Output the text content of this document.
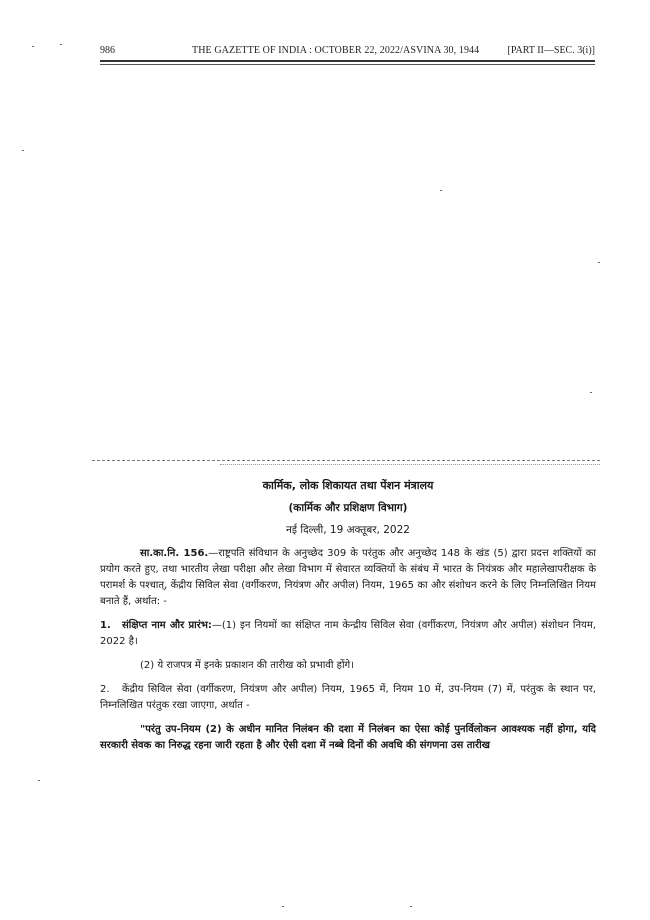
986	THE GAZETTE OF INDIA : OCTOBER 22, 2022/ASVINA 30, 1944	[PART II—SEC. 3(i)]
कार्मिक, लोक शिकायत तथा पेंशन मंत्रालय
(कार्मिक और प्रशिक्षण विभाग)
नई दिल्ली, 19 अक्तूबर, 2022
सा.का.नि. 156.—राष्ट्रपति संविधान के अनुच्छेद 309 के परंतुक और अनुच्छेद 148 के खंड (5) द्वारा प्रदत्त शक्तियों का प्रयोग करते हुए, तथा भारतीय लेखा परीक्षा और लेखा विभाग में सेवारत व्यक्तियों के संबंध में भारत के नियंत्रक और महालेखापरीक्षक के परामर्श के पश्चात्, केंद्रीय सिविल सेवा (वर्गीकरण, नियंत्रण और अपील) नियम, 1965 का और संशोधन करने के लिए निम्नलिखित नियम बनाते हैं, अर्थात: -
1. संक्षिप्त नाम और प्रारंभ:—(1) इन नियमों का संक्षिप्त नाम केन्द्रीय सिविल सेवा (वर्गीकरण, नियंत्रण और अपील) संशोधन नियम, 2022 है।
(2) ये राजपत्र में इनके प्रकाशन की तारीख को प्रभावी होंगे।
2. केंद्रीय सिविल सेवा (वर्गीकरण, नियंत्रण और अपील) नियम, 1965 में, नियम 10 में, उप-नियम (7) में, परंतुक के स्थान पर, निम्नलिखित परंतुक रखा जाएगा, अर्थात -
"परंतु उप-नियम (2) के अधीन मानित निलंबन की दशा में निलंबन का ऐसा कोई पुनर्विलोकन आवश्यक नहीं होगा, यदि सरकारी सेवक का निरुद्ध रहना जारी रहता है और ऐसी दशा में नब्बे दिनों की अवधि की संगणना उस तारीख
